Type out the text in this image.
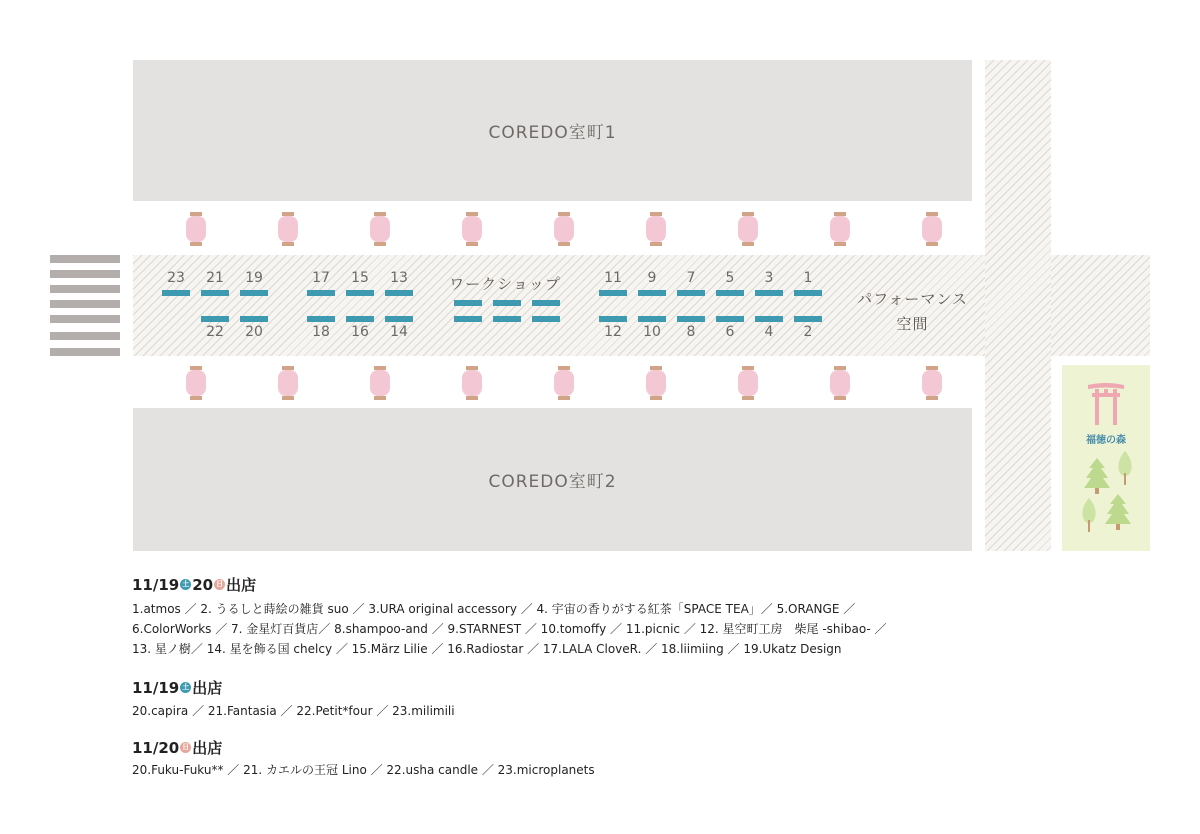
COREDO室町1
COREDO室町2
23	21	19	17	15	13	11	9	7	5	3	1
22	20	18	16	14	12	10	8	6	4	2
ワークショップ
パフォーマンス
空間
福徳の森
11/19 土 20 日 出店
1.atmos ／ 2. うるしと蒔絵の雑貨 suo ／ 3.URA original accessory ／ 4. 宇宙の香りがする紅茶「SPACE TEA」／ 5.ORANGE ／
6.ColorWorks ／ 7. 金星灯百貨店／ 8.shampoo-and ／ 9.STARNEST ／ 10.tomoffy ／ 11.picnic ／ 12. 星空町工房　柴尾 -shibao- ／
13. 星ノ樹／ 14. 星を飾る国 chelcy ／ 15.März Lilie ／ 16.Radiostar ／ 17.LALA CloveR. ／ 18.liimiing ／ 19.Ukatz Design
11/19 土 出店
20.capira ／ 21.Fantasia ／ 22.Petit*four ／ 23.milimili
11/20 日 出店
20.Fuku-Fuku** ／ 21. カエルの王冠 Lino ／ 22.usha candle ／ 23.microplanets
